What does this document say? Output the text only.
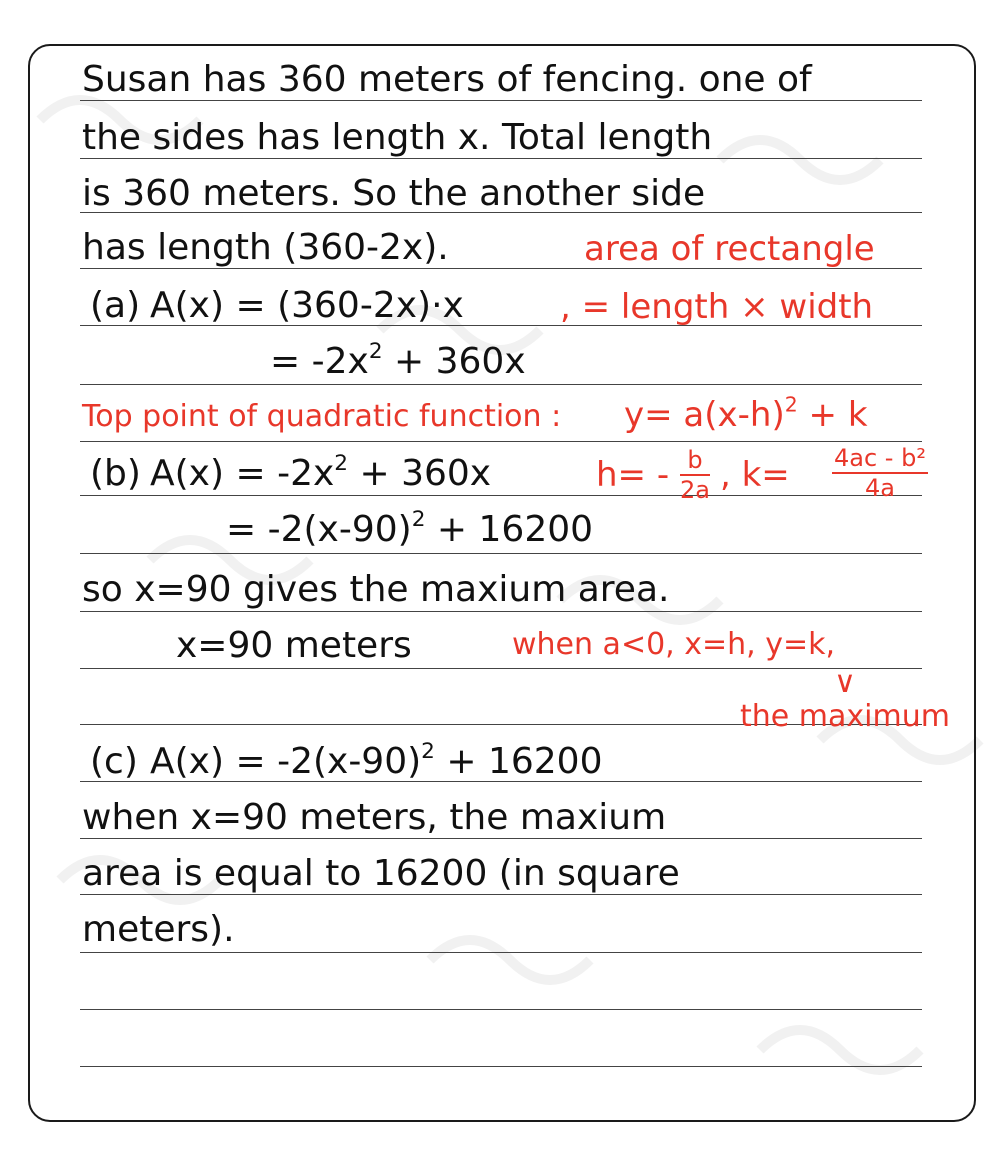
Susan has 360 meters of fencing. one of
the sides has length x. Total length
is 360 meters. So the another side
has length (360-2x).	area of rectangle
(a) A(x) = (360-2x)·x	, = length × width
= $-2x^2 + 360x$
Top point of quadratic function : $y= a(x-h)^2 + k$
(b) $A(x) = -2x^2 + 360x$	$h= - \frac{b}{2a}$ , $k= \frac{\text{4ac - b²}}{4a}$
= $-2(x-90)^2 + 16200$
so x=90 gives the maxium area.
x=90 meters	when a<0, x=h, y=k,
∨
the maximum
(c) $A(x) = -2(x-90)^2 + 16200$
when x=90 meters, the maxium
area is equal to 16200 (in square
meters).
